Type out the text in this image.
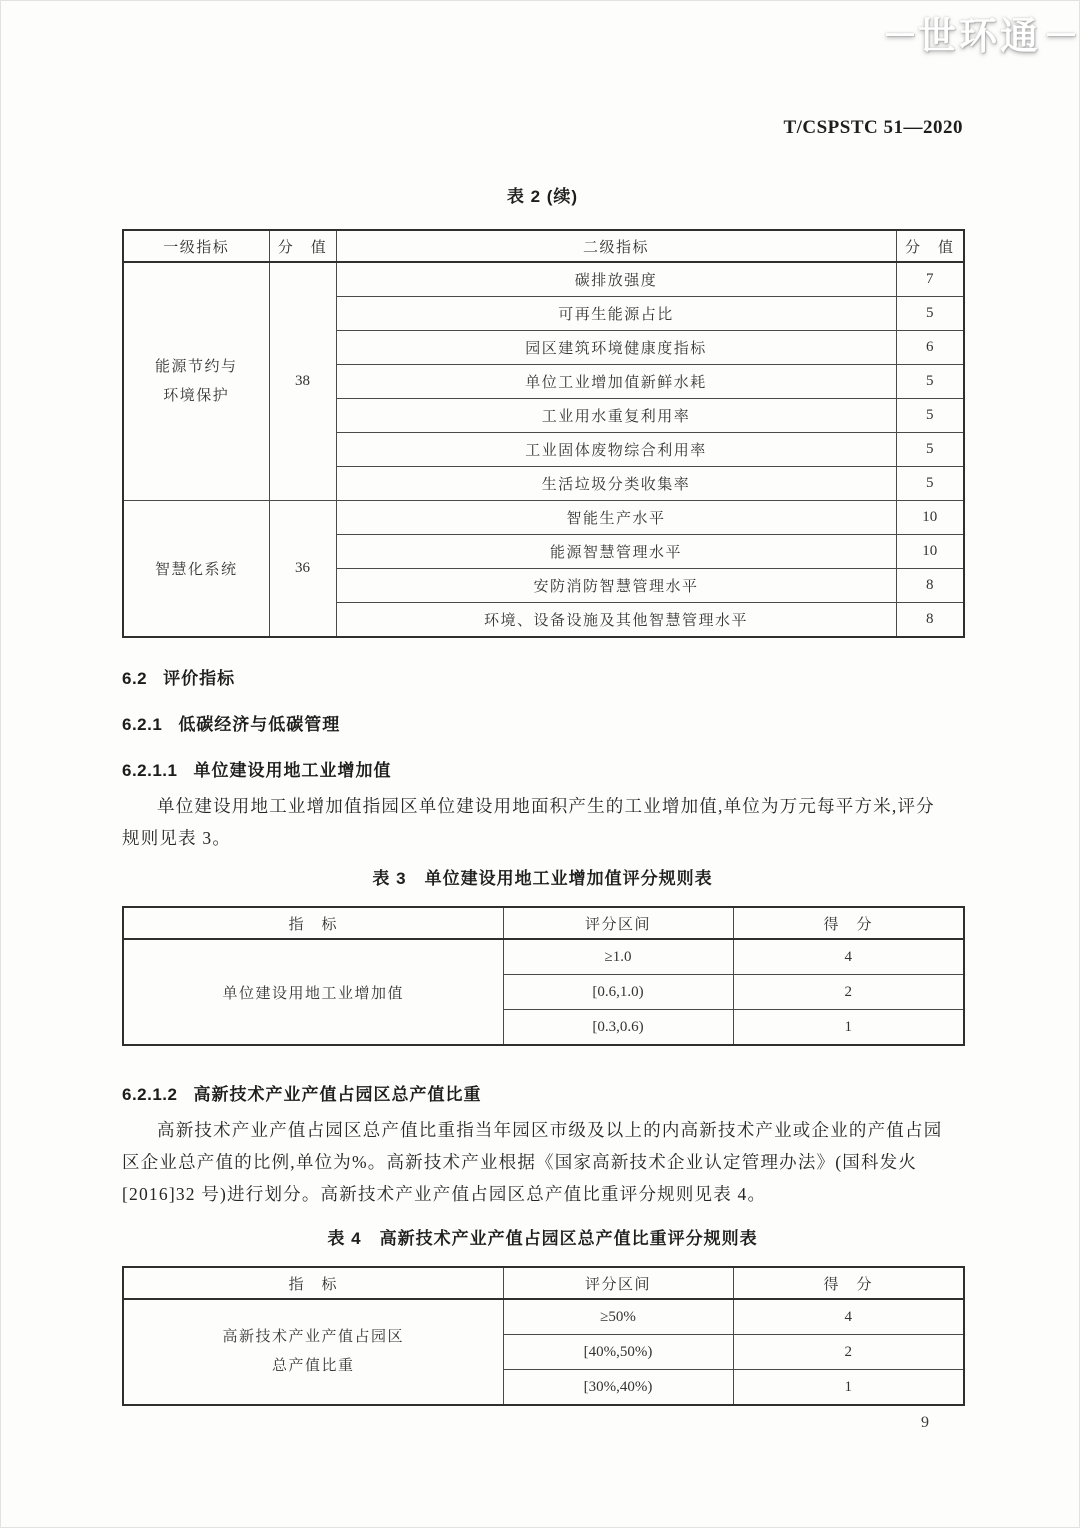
— 世环通 —
T/CSPSTC 51—2020
表 2 (续)
一级指标	分　值	二级指标	分　值

能源节约与
环境保护	38	碳排放强度	7
		可再生能源占比	5
		园区建筑环境健康度指标	6
		单位工业增加值新鲜水耗	5
		工业用水重复利用率	5
		工业固体废物综合利用率	5
		生活垃圾分类收集率	5
智慧化系统	36	智能生产水平	10
		能源智慧管理水平	10
		安防消防智慧管理水平	8
		环境、设备设施及其他智慧管理水平	8
6.2 评价指标
6.2.1 低碳经济与低碳管理
6.2.1.1 单位建设用地工业增加值
单位建设用地工业增加值指园区单位建设用地面积产生的工业增加值,单位为万元每平方米,评分
规则见表 3。
表 3　单位建设用地工业增加值评分规则表
指　标	评分区间	得　分
单位建设用地工业增加值	≥1.0	4
	[0.6,1.0)	2
	[0.3,0.6)	1
6.2.1.2 高新技术产业产值占园区总产值比重
高新技术产业产值占园区总产值比重指当年园区市级及以上的内高新技术产业或企业的产值占园
区企业总产值的比例,单位为%。高新技术产业根据《国家高新技术企业认定管理办法》(国科发火
[2016]32 号)进行划分。高新技术产业产值占园区总产值比重评分规则见表 4。
表 4　高新技术产业产值占园区总产值比重评分规则表
指　标	评分区间	得　分

高新技术产业产值占园区
总产值比重	≥50%	4
	[40%,50%)	2
	[30%,40%)	1
9
